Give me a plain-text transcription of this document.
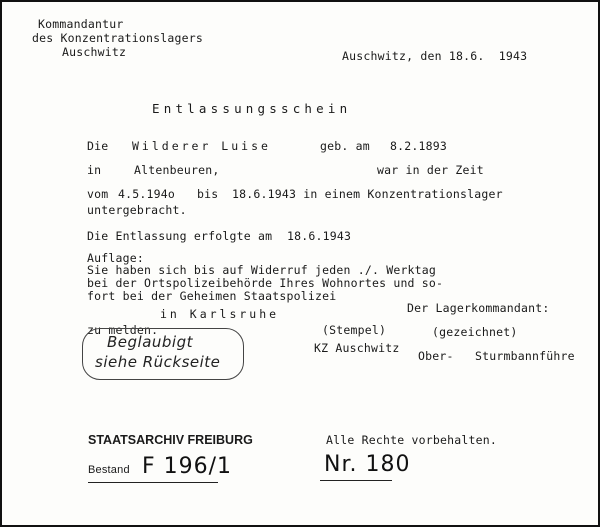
Kommandantur
des Konzentrationslagers
Auschwitz	Auschwitz, den 18.6.  1943
Entlassungsschein
Die Wilderer Luise	geb. am 8.2.1893
in	Altenbeuren,	war in der Zeit
vom 4.5.194o bis 18.6.1943 in einem Konzentrationslager
untergebracht.
Die Entlassung erfolgte am 18.6.1943
Auflage:
Sie haben sich bis auf Widerruf jeden ./. Werktag
bei der Ortspolizeibehörde Ihres Wohnortes und so-
fort bei der Geheimen Staatspolizei
in Karlsruhe	Der Lagerkommandant:
zu melden.	(Stempel)	(gezeichnet)
KZ Auschwitz
Ober-   Sturmbannführe
Beglaubigt
siehe Rückseite
STAATSARCHIV FREIBURG	Alle Rechte vorbehalten.
Bestand F 196/1	Nr. 180
